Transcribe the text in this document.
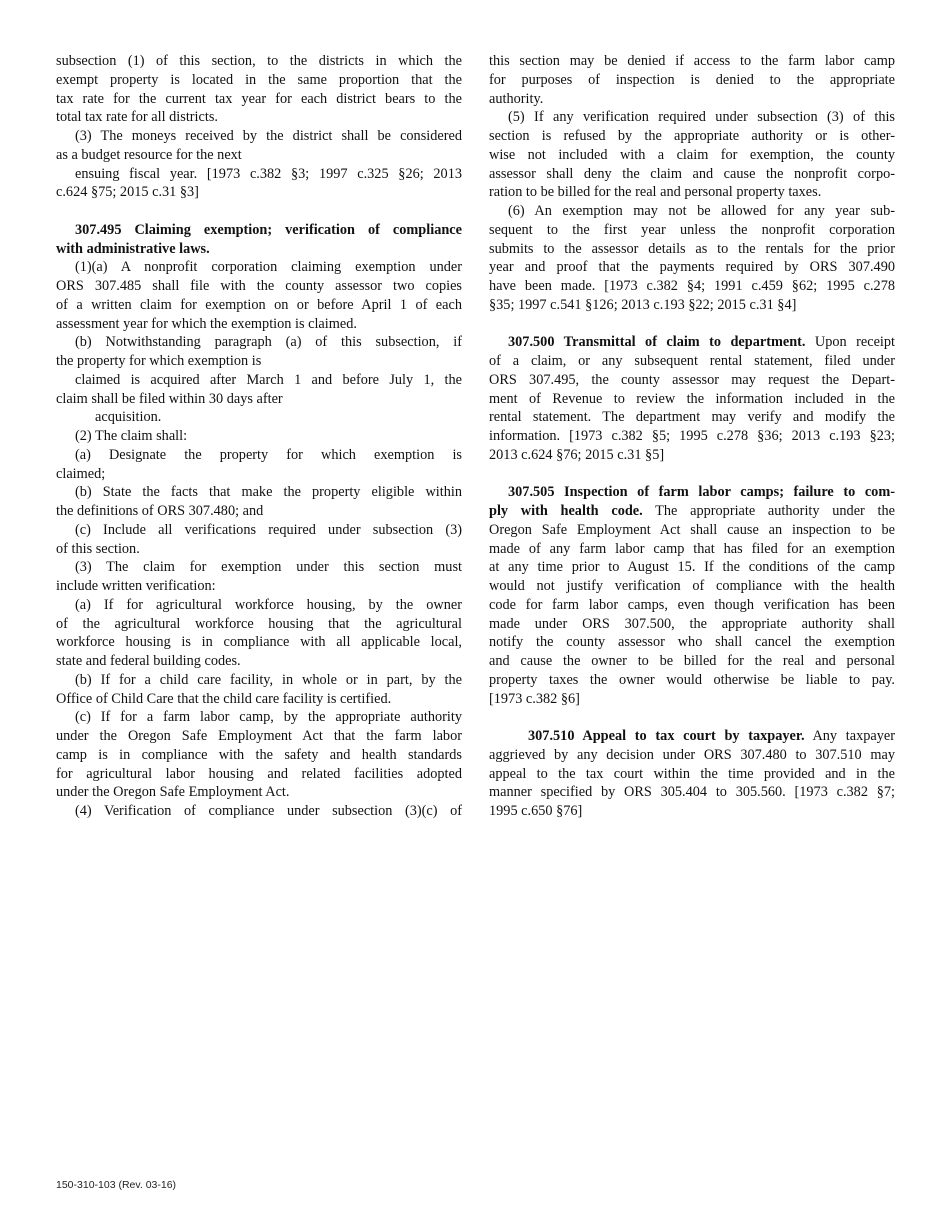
subsection (1) of this section, to the districts in which the
exempt property is located in the same proportion that the
tax rate for the current tax year for each district bears to the
total tax rate for all districts.
(3) The moneys received by the district shall be considered
as a budget resource for the next
ensuing fiscal year. [1973 c.382 §3; 1997 c.325 §26; 2013
c.624 §75; 2015 c.31 §3]
307.495 Claiming exemption; verification of compliance
with administrative laws.
(1)(a) A nonprofit corporation claiming exemption under
ORS 307.485 shall file with the county assessor two copies
of a written claim for exemption on or before April 1 of each
assessment year for which the exemption is claimed.
(b) Notwithstanding paragraph (a) of this subsection, if
the property for which exemption is
claimed is acquired after March 1 and before July 1, the
claim shall be filed within 30 days after
acquisition.
(2) The claim shall:
(a) Designate the property for which exemption is
claimed;
(b) State the facts that make the property eligible within
the definitions of ORS 307.480; and
(c) Include all verifications required under subsection (3)
of this section.
(3) The claim for exemption under this section must
include written verification:
(a) If for agricultural workforce housing, by the owner
of the agricultural workforce housing that the agricultural
workforce housing is in compliance with all applicable local,
state and federal building codes.
(b) If for a child care facility, in whole or in part, by the
Office of Child Care that the child care facility is certified.
(c) If for a farm labor camp, by the appropriate authority
under the Oregon Safe Employment Act that the farm labor
camp is in compliance with the safety and health standards
for agricultural labor housing and related facilities adopted
under the Oregon Safe Employment Act.
(4) Verification of compliance under subsection (3)(c) of
this section may be denied if access to the farm labor camp
for purposes of inspection is denied to the appropriate
authority.
(5) If any verification required under subsection (3) of this
section is refused by the appropriate authority or is other-
wise not included with a claim for exemption, the county
assessor shall deny the claim and cause the nonprofit corpo-
ration to be billed for the real and personal property taxes.
(6) An exemption may not be allowed for any year sub-
sequent to the first year unless the nonprofit corporation
submits to the assessor details as to the rentals for the prior
year and proof that the payments required by ORS 307.490
have been made. [1973 c.382 §4; 1991 c.459 §62; 1995 c.278
§35; 1997 c.541 §126; 2013 c.193 §22; 2015 c.31 §4]
307.500 Transmittal of claim to department. Upon receipt
of a claim, or any subsequent rental statement, filed under
ORS 307.495, the county assessor may request the Depart-
ment of Revenue to review the information included in the
rental statement. The department may verify and modify the
information. [1973 c.382 §5; 1995 c.278 §36; 2013 c.193 §23;
2013 c.624 §76; 2015 c.31 §5]
307.505 Inspection of farm labor camps; failure to com-
ply with health code. The appropriate authority under the
Oregon Safe Employment Act shall cause an inspection to be
made of any farm labor camp that has filed for an exemption
at any time prior to August 15. If the conditions of the camp
would not justify verification of compliance with the health
code for farm labor camps, even though verification has been
made under ORS 307.500, the appropriate authority shall
notify the county assessor who shall cancel the exemption
and cause the owner to be billed for the real and personal
property taxes the owner would otherwise be liable to pay.
[1973 c.382 §6]
307.510 Appeal to tax court by taxpayer. Any taxpayer
aggrieved by any decision under ORS 307.480 to 307.510 may
appeal to the tax court within the time provided and in the
manner specified by ORS 305.404 to 305.560. [1973 c.382 §7;
1995 c.650 §76]
150-310-103 (Rev. 03-16)
